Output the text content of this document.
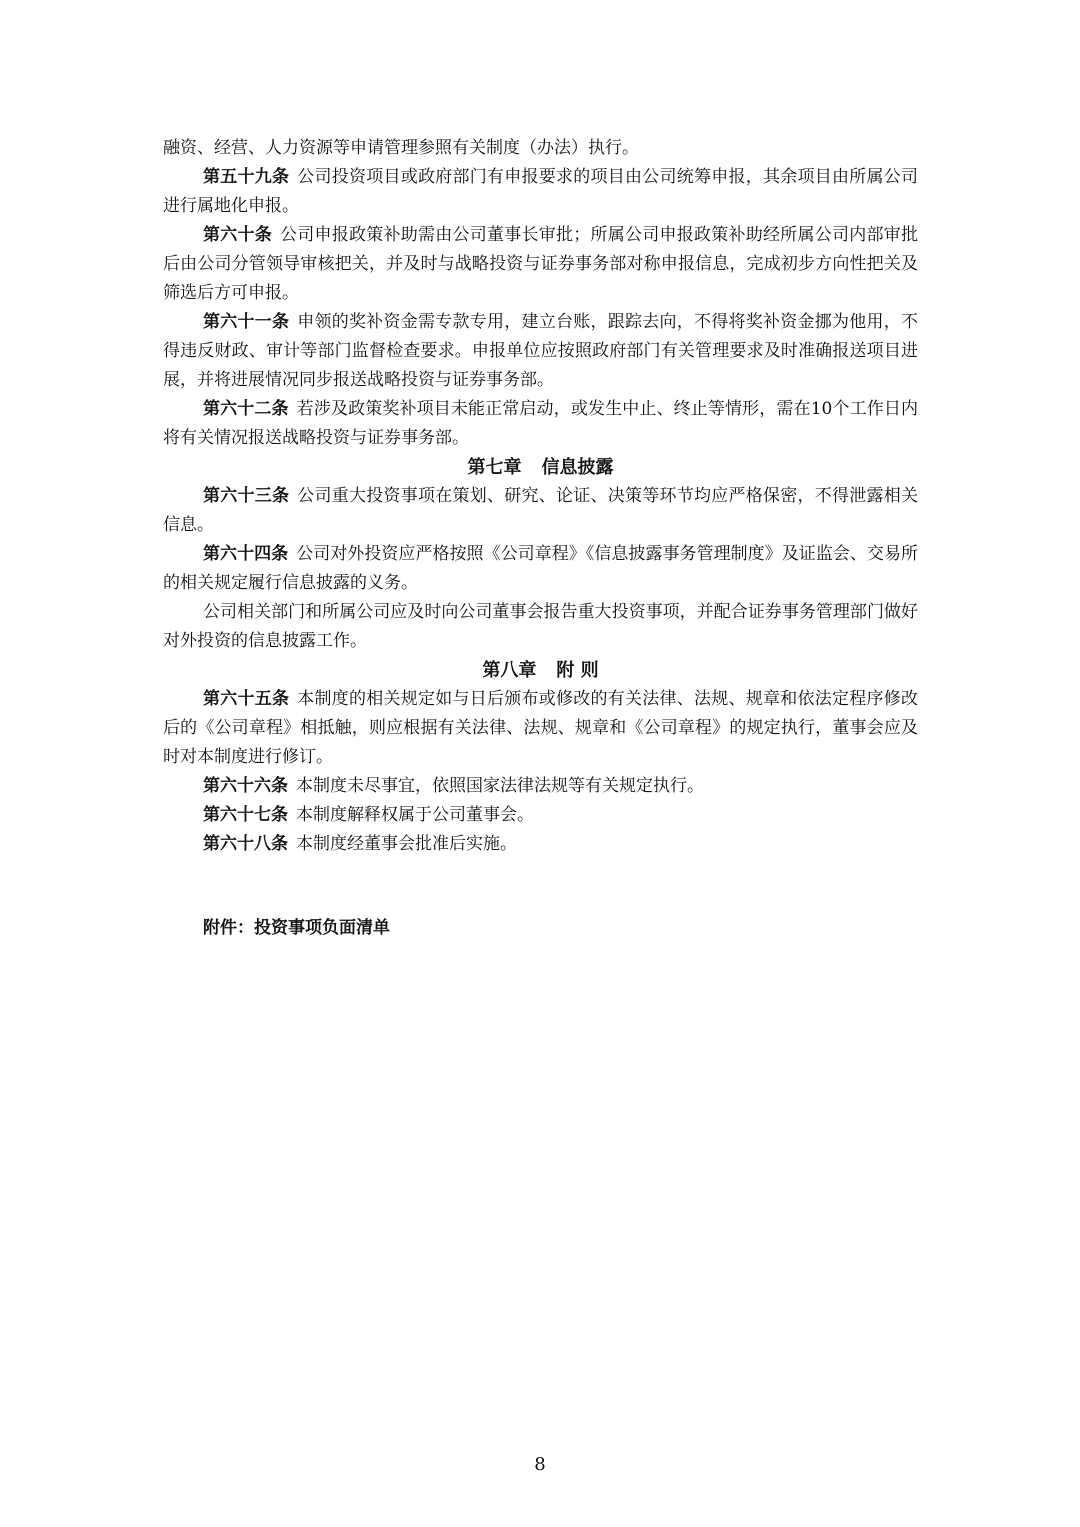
融资、经营、人力资源等申请管理参照有关制度（办法）执行。

第五十九条 公司投资项目或政府部门有申报要求的项目由公司统筹申报，其余项目由所属公司进行属地化申报。

第六十条 公司申报政策补助需由公司董事长审批；所属公司申报政策补助经所属公司内部审批后由公司分管领导审核把关，并及时与战略投资与证券事务部对称申报信息，完成初步方向性把关及筛选后方可申报。

第六十一条 申领的奖补资金需专款专用，建立台账，跟踪去向，不得将奖补资金挪为他用，不得违反财政、审计等部门监督检查要求。申报单位应按照政府部门有关管理要求及时准确报送项目进展，并将进展情况同步报送战略投资与证券事务部。

第六十二条 若涉及政策奖补项目未能正常启动，或发生中止、终止等情形，需在10个工作日内将有关情况报送战略投资与证券事务部。

第七章 信息披露

第六十三条 公司重大投资事项在策划、研究、论证、决策等环节均应严格保密，不得泄露相关信息。

第六十四条 公司对外投资应严格按照《公司章程》《信息披露事务管理制度》及证监会、交易所的相关规定履行信息披露的义务。

公司相关部门和所属公司应及时向公司董事会报告重大投资事项，并配合证券事务管理部门做好对外投资的信息披露工作。

第八章 附 则

第六十五条 本制度的相关规定如与日后颁布或修改的有关法律、法规、规章和依法定程序修改后的《公司章程》相抵触，则应根据有关法律、法规、规章和《公司章程》的规定执行，董事会应及时对本制度进行修订。

第六十六条 本制度未尽事宜，依照国家法律法规等有关规定执行。

第六十七条 本制度解释权属于公司董事会。

第六十八条 本制度经董事会批准后实施。

附件：投资事项负面清单
8
